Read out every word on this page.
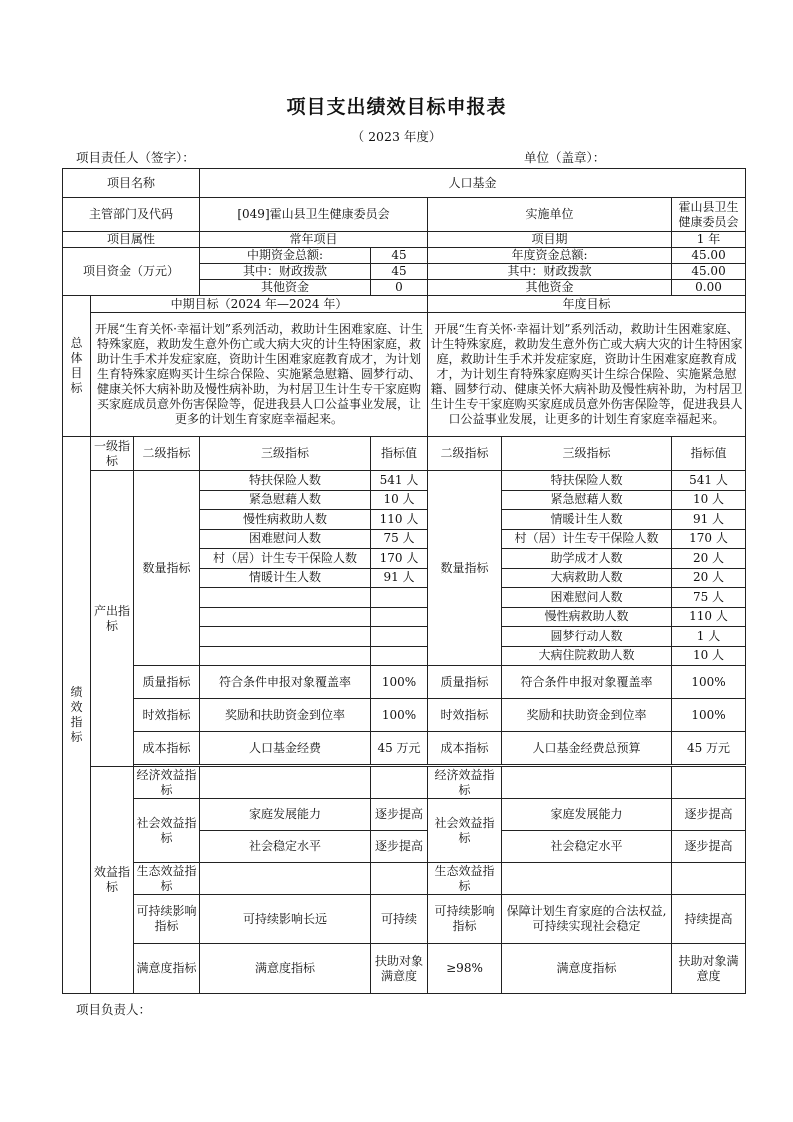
项目支出绩效目标申报表
（ 2023 年度）
项目责任人（签字）：	单位（盖章）：
项目名称			人口基金					
主管部门及代码			[049]霍山县卫生健康委员会		实施单位		霍山县卫生健康委员会	
项目属性			常年项目		项目期		1 年	
项目资金（万元）			中期资金总额:	45	年度资金总额:		45.00	
			其中：财政拨款	45	其中：财政拨款		45.00	
			其他资金	0	其他资金		0.00	
总体目标	中期目标（2024 年—2024 年）				年度目标			
	开展“生育关怀·幸福计划”系列活动，救助计生困难家庭、计生特殊家庭，救助发生意外伤亡或大病大灾的计生特困家庭，救助计生手术并发症家庭，资助计生困难家庭教育成才，为计划生育特殊家庭购买计生综合保险、实施紧急慰籍、圆梦行动、健康关怀大病补助及慢性病补助，为村居卫生计生专干家庭购买家庭成员意外伤害保险等，促进我县人口公益事业发展，让更多的计划生育家庭幸福起来。				开展“生育关怀·幸福计划”系列活动，救助计生困难家庭、计生特殊家庭，救助发生意外伤亡或大病大灾的计生特困家庭，救助计生手术并发症家庭，资助计生困难家庭教育成才，为计划生育特殊家庭购买计生综合保险、实施紧急慰籍、圆梦行动、健康关怀大病补助及慢性病补助，为村居卫生计生专干家庭购买家庭成员意外伤害保险等，促进我县人口公益事业发展，让更多的计划生育家庭幸福起来。			
绩效指标	一级指标	二级指标	三级指标	指标值	二级指标	三级指标	指标值	
	产出指标	数量指标	特扶保险人数	541 人	数量指标	特扶保险人数	541 人	
			紧急慰藉人数	10 人		紧急慰藉人数	10 人	
			慢性病救助人数	110 人		情暖计生人数	91 人	
			困难慰问人数	75 人		村（居）计生专干保险人数	170 人	
			村（居）计生专干保险人数	170 人		助学成才人数	20 人	
			情暖计生人数	91 人		大病救助人数	20 人	
						困难慰问人数	75 人	
						慢性病救助人数	110 人	
						圆梦行动人数	1 人	
						大病住院救助人数	10 人	
		质量指标	符合条件申报对象覆盖率	100%	质量指标	符合条件申报对象覆盖率	100%	
		时效指标	奖励和扶助资金到位率	100%	时效指标	奖励和扶助资金到位率	100%	
		成本指标	人口基金经费	45 万元	成本指标	人口基金经费总预算	45 万元	

	效益指标	经济效益指标			经济效益指标			
		社会效益指标	家庭发展能力	逐步提高	社会效益指标	家庭发展能力	逐步提高	
			社会稳定水平	逐步提高		社会稳定水平	逐步提高	
		生态效益指标			生态效益指标			
		可持续影响指标	可持续影响长远	可持续	可持续影响指标	保障计划生育家庭的合法权益,可持续实现社会稳定	持续提高	
		满意度指标	满意度指标	扶助对象满意度	≥98%	满意度指标	扶助对象满意度	
项目负责人：
